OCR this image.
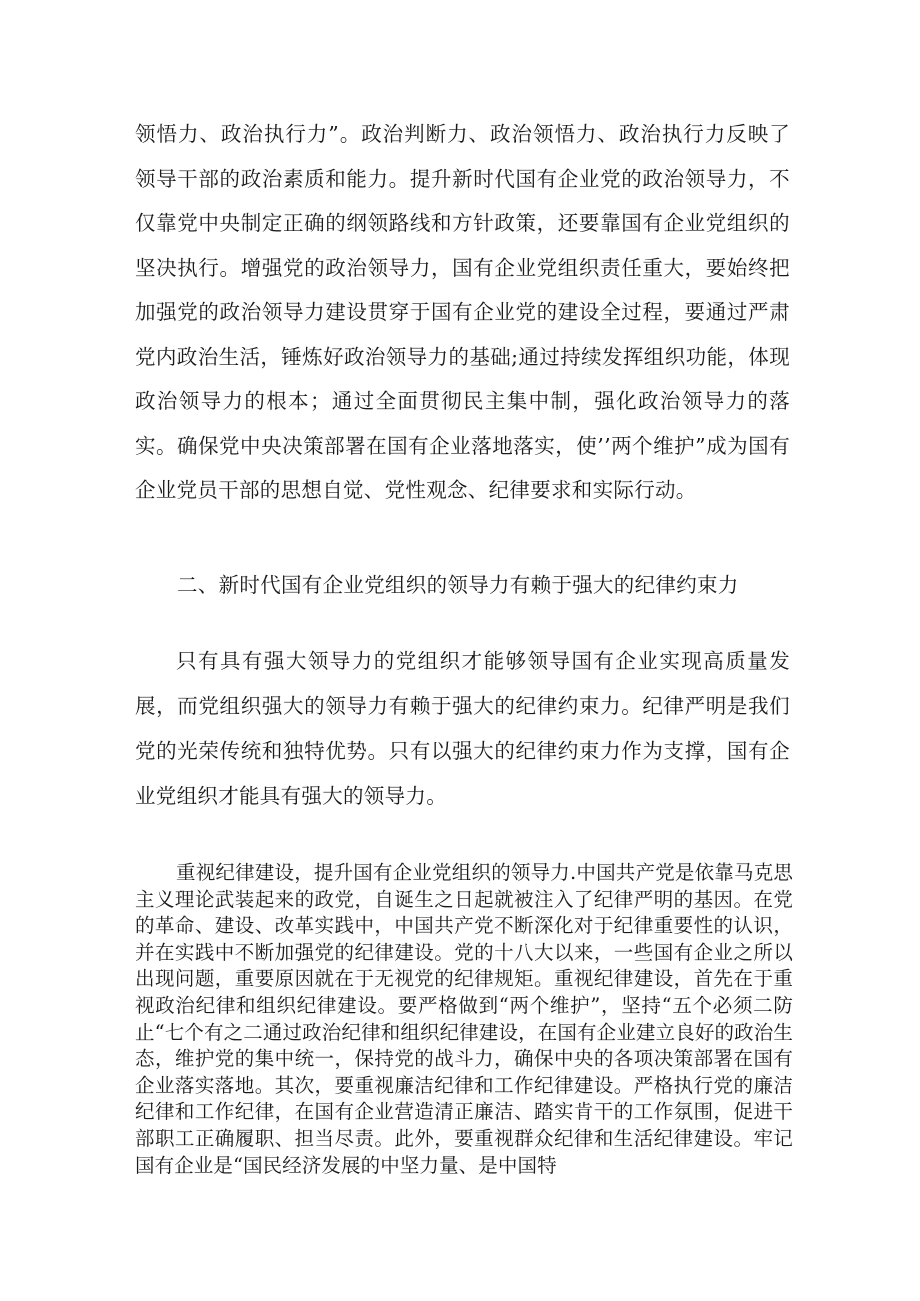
领悟力、政治执行力”。政治判断力、政治领悟力、政治执行力反映了领导干部的政治素质和能力。提升新时代国有企业党的政治领导力，不仅靠党中央制定正确的纲领路线和方针政策，还要靠国有企业党组织的坚决执行。增强党的政治领导力，国有企业党组织责任重大，要始终把加强党的政治领导力建设贯穿于国有企业党的建设全过程，要通过严肃党内政治生活，锤炼好政治领导力的基础;通过持续发挥组织功能，体现政治领导力的根本；通过全面贯彻民主集中制，强化政治领导力的落实。确保党中央决策部署在国有企业落地落实，使’’两个维护”成为国有企业党员干部的思想自觉、党性观念、纪律要求和实际行动。

二、新时代国有企业党组织的领导力有赖于强大的纪律约束力

只有具有强大领导力的党组织才能够领导国有企业实现高质量发展，而党组织强大的领导力有赖于强大的纪律约束力。纪律严明是我们党的光荣传统和独特优势。只有以强大的纪律约束力作为支撑，国有企业党组织才能具有强大的领导力。

重视纪律建设，提升国有企业党组织的领导力.中国共产党是依靠马克思主义理论武装起来的政党，自诞生之日起就被注入了纪律严明的基因。在党的革命、建设、改革实践中，中国共产党不断深化对于纪律重要性的认识，并在实践中不断加强党的纪律建设。党的十八大以来，一些国有企业之所以出现问题，重要原因就在于无视党的纪律规矩。重视纪律建设，首先在于重视政治纪律和组织纪律建设。要严格做到“两个维护”，坚持“五个必须二防止“七个有之二通过政治纪律和组织纪律建设，在国有企业建立良好的政治生态，维护党的集中统一，保持党的战斗力，确保中央的各项决策部署在国有企业落实落地。其次，要重视廉洁纪律和工作纪律建设。严格执行党的廉洁纪律和工作纪律，在国有企业营造清正廉洁、踏实肯干的工作氛围，促进干部职工正确履职、担当尽责。此外，要重视群众纪律和生活纪律建设。牢记国有企业是“国民经济发展的中坚力量、是中国特
